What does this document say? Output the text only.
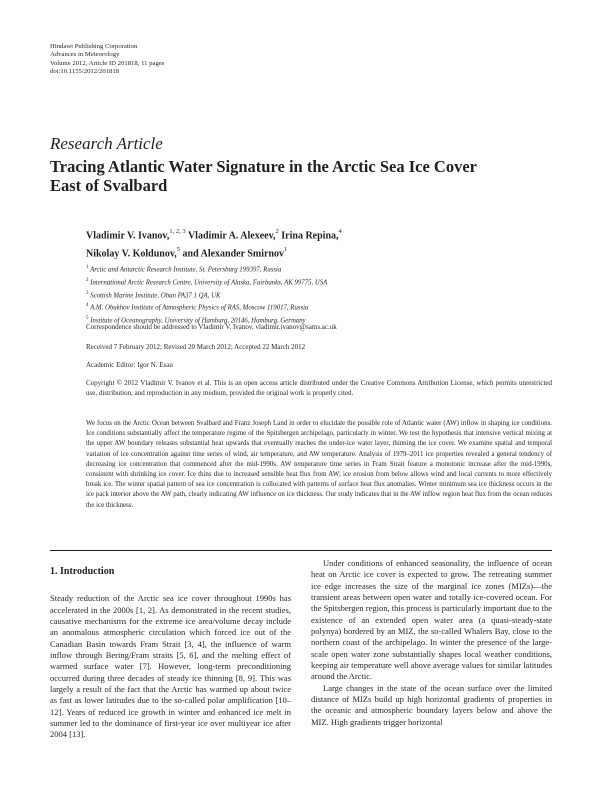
Hindawi Publishing Corporation
Advances in Meteorology
Volume 2012, Article ID 201818, 11 pages
doi:10.1155/2012/201818
Research Article
Tracing Atlantic Water Signature in the Arctic Sea Ice Cover
East of Svalbard
Vladimir V. Ivanov,$^{1, 2, 3}$ Vladimir A. Alexeev,$^2$ Irina Repina,$^4$
Nikolay V. Koldunov,$^5$ and Alexander Smirnov$^1$
$^1$ Arctic and Antarctic Research Institute, St. Petersburg 199397, Russia
$^2$ International Arctic Research Centre, University of Alaska, Fairbanks, AK 99775, USA
$^3$ Scottish Marine Institute, Oban PA37 1 QA, UK
$^4$ A.M. Obukhov Institute of Atmospheric Physics of RAS, Moscow 119017, Russia
$^5$ Institute of Oceanography, University of Hamburg, 20146, Hamburg, Germany
Correspondence should be addressed to Vladimir V. Ivanov, vladimir.ivanov@sams.ac.uk
Received 7 February 2012; Revised 20 March 2012; Accepted 22 March 2012
Academic Editor: Igor N. Esau
Copyright © 2012 Vladimir V. Ivanov et al. This is an open access article distributed under the Creative Commons Attribution License, which permits unrestricted use, distribution, and reproduction in any medium, provided the original work is properly cited.
We focus on the Arctic Ocean between Svalbard and Franz Joseph Land in order to elucidate the possible role of Atlantic water (AW) inflow in shaping ice conditions. Ice conditions substantially affect the temperature regime of the Spitsbergen archipelago, particularly in winter. We test the hypothesis that intensive vertical mixing at the upper AW boundary releases substantial heat upwards that eventually reaches the under-ice water layer, thinning the ice cover. We examine spatial and temporal variation of ice concentration against time series of wind, air temperature, and AW temperature. Analysis of 1979–2011 ice properties revealed a general tendency of decreasing ice concentration that commenced after the mid-1990s. AW temperature time series in Fram Strait feature a monotonic increase after the mid-1990s, consistent with shrinking ice cover. Ice thins due to increased sensible heat flux from AW; ice erosion from below allows wind and local currents to more effectively break ice. The winter spatial pattern of sea ice concentration is collocated with patterns of surface heat flux anomalies. Winter minimum sea ice thickness occurs in the ice pack interior above the AW path, clearly indicating AW influence on ice thickness. Our study indicates that in the AW inflow region heat flux from the ocean reduces the ice thickness.
1. Introduction

Steady reduction of the Arctic sea ice cover throughout 1990s has accelerated in the 2000s [1, 2]. As demonstrated in the recent studies, causative mechanisms for the extreme ice area/volume decay include an anomalous atmospheric circulation which forced ice out of the Canadian Basin towards Fram Strait [3, 4], the influence of warm inflow through Bering/Fram straits [5, 6], and the melting effect of warmed surface water [7]. However, long-term preconditioning occurred during three decades of steady ice thinning [8, 9]. This was largely a result of the fact that the Arctic has warmed up about twice as fast as lower latitudes due to the so-called polar amplification [10–12]. Years of reduced ice growth in winter and enhanced ice melt in summer led to the dominance of first-year ice over multiyear ice after 2004 [13].

Under conditions of enhanced seasonality, the influence of ocean heat on Arctic ice cover is expected to grow. The retreating summer ice edge increases the size of the marginal ice zones (MIZs)—the transient areas between open water and totally ice-covered ocean. For the Spitsbergen region, this process is particularly important due to the existence of an extended open water area (a quasi-steady-state polynya) bordered by an MIZ, the so-called Whalers Bay, close to the northern coast of the archipelago. In winter the presence of the large-scale open water zone substantially shapes local weather conditions, keeping air temperature well above average values for similar latitudes around the Arctic.

Large changes in the state of the ocean surface over the limited distance of MIZs build up high horizontal gradients of properties in the oceanic and atmospheric boundary layers below and above the MIZ. High gradients trigger horizontal
